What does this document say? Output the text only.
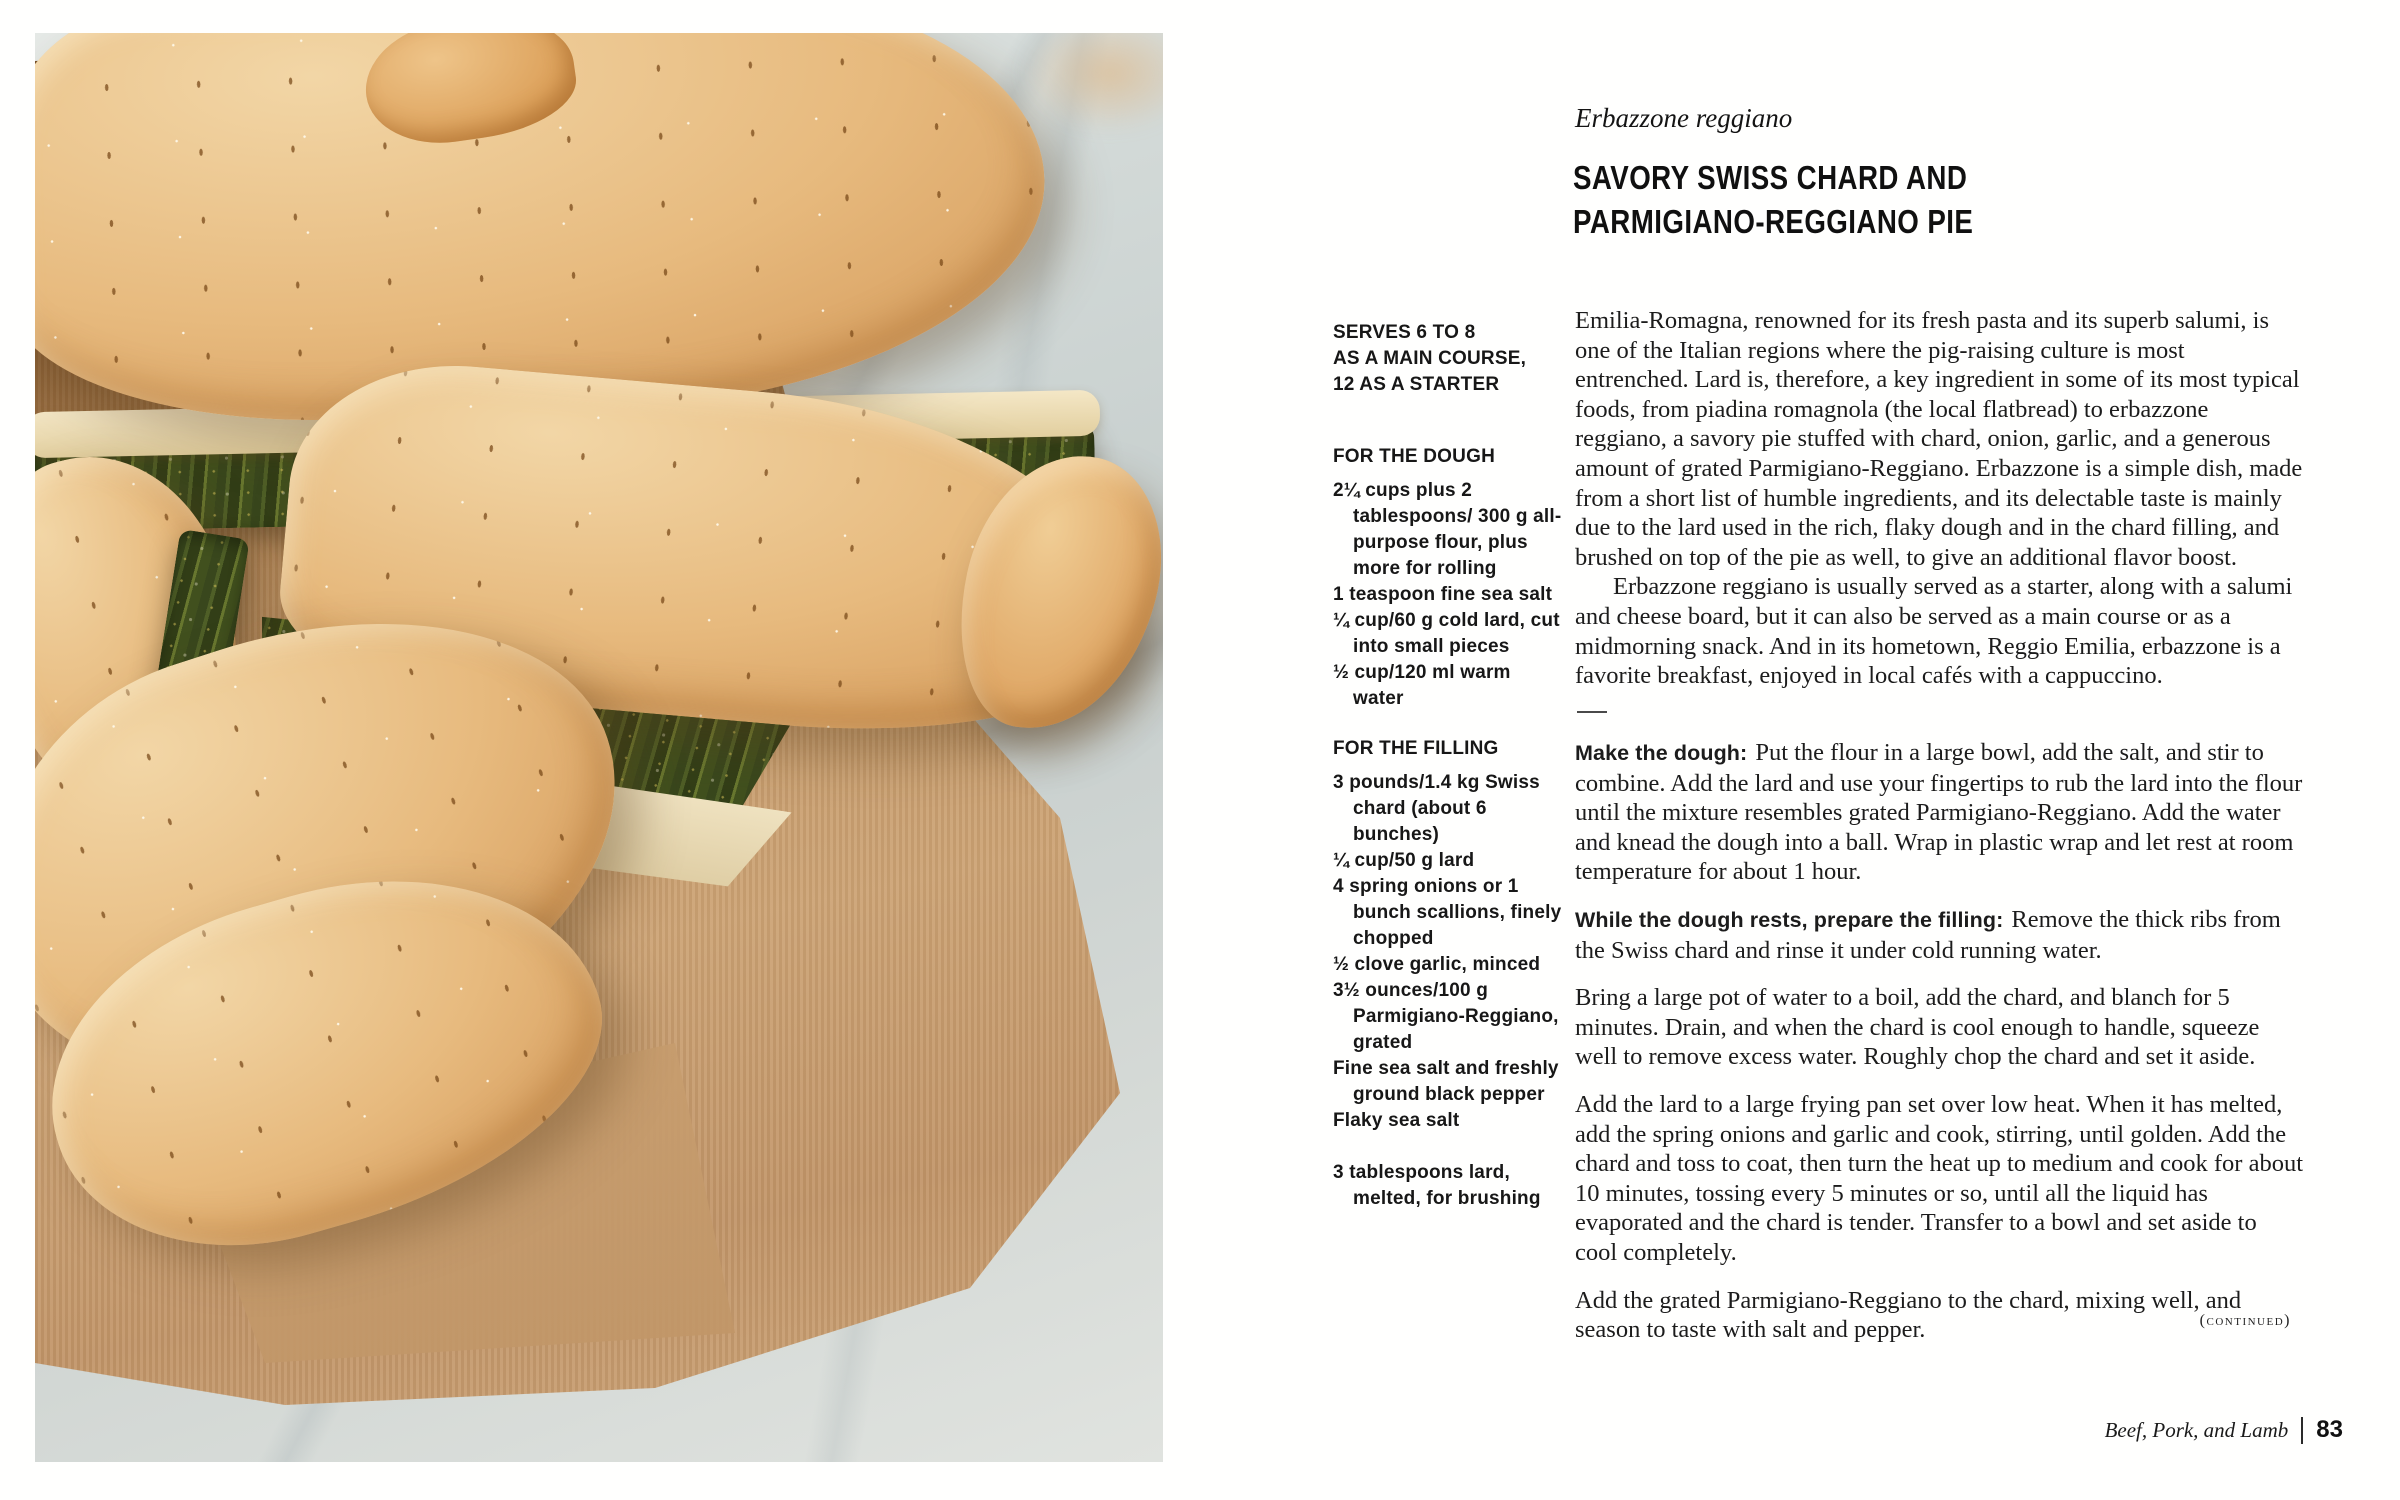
SERVES 6 TO 8
AS A MAIN COURSE,
12 AS A STARTER
FOR THE DOUGH
2¼ cups plus 2 tablespoons/ 300 g all-purpose flour, plus more for rolling
1 teaspoon fine sea salt
¼ cup/60 g cold lard, cut into small pieces
½ cup/120 ml warm water
FOR THE FILLING
3 pounds/1.4 kg Swiss chard (about 6 bunches)
¼ cup/50 g lard
4 spring onions or 1 bunch scallions, finely chopped
½ clove garlic, minced
3½ ounces/100 g Parmigiano-Reggiano, grated
Fine sea salt and freshly ground black pepper
Flaky sea salt
3 tablespoons lard, melted, for brushing
Erbazzone reggiano
SAVORY SWISS CHARD AND
PARMIGIANO-REGGIANO PIE

Emilia-Romagna, renowned for its fresh pasta and its superb salumi, is one of the Italian regions where the pig-raising culture is most entrenched. Lard is, therefore, a key ingredient in some of its most typical foods, from piadina romagnola (the local flatbread) to erbazzone reggiano, a savory pie stuffed with chard, onion, garlic, and a generous amount of grated Parmigiano-Reggiano. Erbazzone is a simple dish, made from a short list of humble ingredients, and its delectable taste is mainly due to the lard used in the rich, flaky dough and in the chard filling, and brushed on top of the pie as well, to give an additional flavor boost.

Erbazzone reggiano is usually served as a starter, along with a salumi and cheese board, but it can also be served as a main course or as a midmorning snack. And in its hometown, Reggio Emilia, erbazzone is a favorite breakfast, enjoyed in local cafés with a cappuccino.

Make the dough: Put the flour in a large bowl, add the salt, and stir to combine. Add the lard and use your fingertips to rub the lard into the flour until the mixture resembles grated Parmigiano-Reggiano. Add the water and knead the dough into a ball. Wrap in plastic wrap and let rest at room temperature for about 1 hour.

While the dough rests, prepare the filling: Remove the thick ribs from the Swiss chard and rinse it under cold running water.

Bring a large pot of water to a boil, add the chard, and blanch for 5 minutes. Drain, and when the chard is cool enough to handle, squeeze well to remove excess water. Roughly chop the chard and set it aside.

Add the lard to a large frying pan set over low heat. When it has melted, add the spring onions and garlic and cook, stirring, until golden. Add the chard and toss to coat, then turn the heat up to medium and cook for about 10 minutes, tossing every 5 minutes or so, until all the liquid has evaporated and the chard is tender. Transfer to a bowl and set aside to cool completely.

Add the grated Parmigiano-Reggiano to the chard, mixing well, and season to taste with salt and pepper.	(continued)
Beef, Pork, and Lamb 83
